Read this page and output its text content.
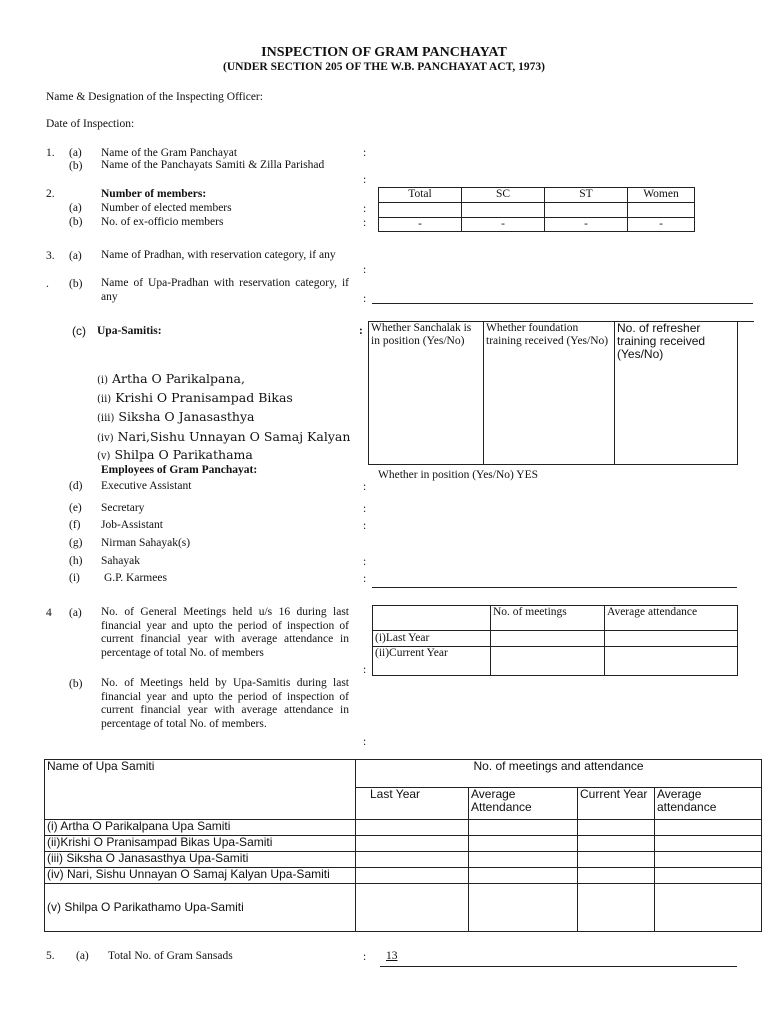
INSPECTION OF GRAM PANCHAYAT
(UNDER SECTION 205 OF THE W.B. PANCHAYAT ACT, 1973)
Name & Designation of the Inspecting Officer:
Date of Inspection:
1. (a) Name of the Gram Panchayat	:
(b) Name of the Panchayats Samiti & Zilla Parishad
:
2.	Number of members:
(a) Number of elected members	:
(b) No. of ex-officio members	:
Total	SC	ST	Women

-	-	-	-
3. (a) Name of Pradhan, with reservation category, if any
:
. (b) Name of Upa-Pradhan with reservation category, if any	:
(c) Upa-Samitis:	: Whether Sanchalak is in position (Yes/No)	Whether foundation training received (Yes/No)	No. of refresher training received (Yes/No)
(i) Artha O Parikalpana,
(ii) Krishi O Pranisampad Bikas
(iii) Siksha O Janasasthya
(iv) Nari,Sishu Unnayan O Samaj Kalyan
(v) Shilpa O Parikathama
Employees of Gram Panchayat:	Whether in position (Yes/No) YES
(d) Executive Assistant	:
(e) Secretary	:
(f) Job-Assistant	:
(g) Nirman Sahayak(s)
(h) Sahayak	:
(i) G.P. Karmees	:
4 (a) No. of General Meetings held u/s 16 during last financial year and upto the period of inspection of current financial year with average attendance in percentage of total No. of members
:
(b) No. of Meetings held by Upa-Samitis during last financial year and upto the period of inspection of current financial year with average attendance in percentage of total No. of members.
:
	No. of meetings	Average attendance
(i)Last Year		
(ii)Current Year		
Name of Upa Samiti	No. of meetings and attendance			
	Last Year	Average Attendance	Current Year	Average attendance
(i) Artha O Parikalpana Upa Samiti				
(ii)Krishi O Pranisampad Bikas Upa-Samiti				
(iii) Siksha O Janasasthya Upa-Samiti				
(iv) Nari, Sishu Unnayan O Samaj Kalyan Upa-Samiti				
(v) Shilpa O Parikathamo Upa-Samiti				
5. (a) Total No. of Gram Sansads	: 13
